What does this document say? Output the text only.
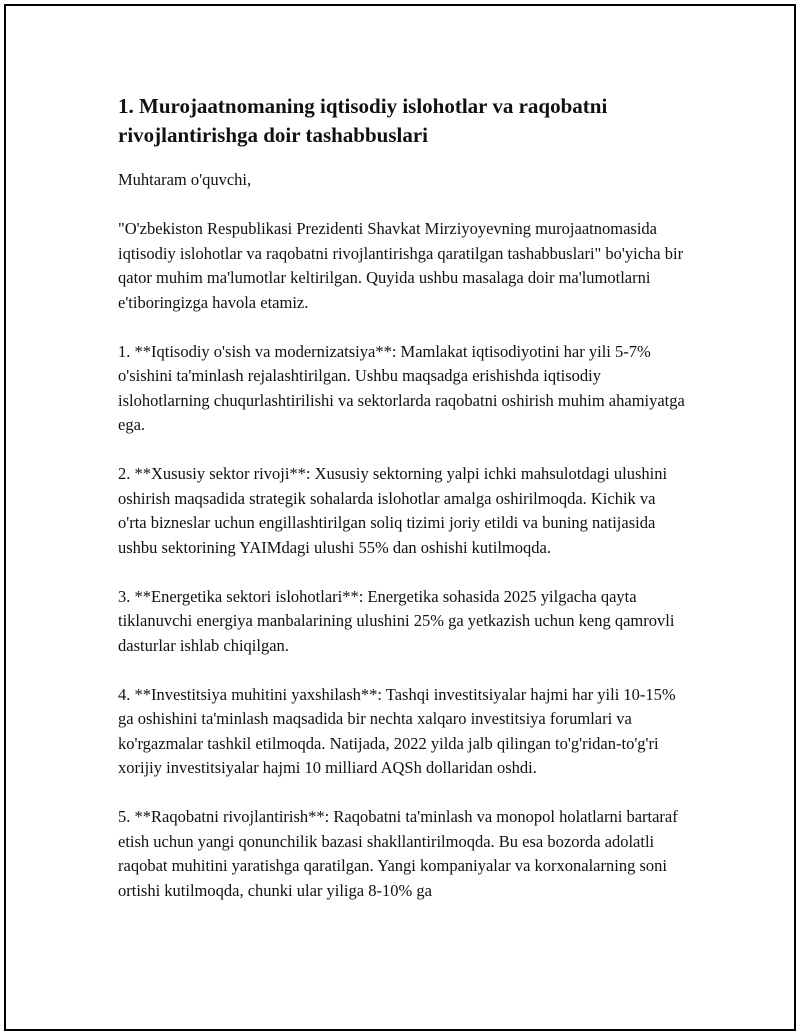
1. Murojaatnomaning iqtisodiy islohotlar va raqobatni rivojlantirishga doir tashabbuslari

Muhtaram o'quvchi,

"O'zbekiston Respublikasi Prezidenti Shavkat Mirziyoyevning murojaatnomasida iqtisodiy islohotlar va raqobatni rivojlantirishga qaratilgan tashabbuslari" bo'yicha bir qator muhim ma'lumotlar keltirilgan. Quyida ushbu masalaga doir ma'lumotlarni e'tiboringizga havola etamiz.

1. **Iqtisodiy o'sish va modernizatsiya**: Mamlakat iqtisodiyotini har yili 5-7% o'sishini ta'minlash rejalashtirilgan. Ushbu maqsadga erishishda iqtisodiy islohotlarning chuqurlashtirilishi va sektorlarda raqobatni oshirish muhim ahamiyatga ega.

2. **Xususiy sektor rivoji**: Xususiy sektorning yalpi ichki mahsulotdagi ulushini oshirish maqsadida strategik sohalarda islohotlar amalga oshirilmoqda. Kichik va o'rta bizneslar uchun engillashtirilgan soliq tizimi joriy etildi va buning natijasida ushbu sektorining YAIMdagi ulushi 55% dan oshishi kutilmoqda.

3. **Energetika sektori islohotlari**: Energetika sohasida 2025 yilgacha qayta tiklanuvchi energiya manbalarining ulushini 25% ga yetkazish uchun keng qamrovli dasturlar ishlab chiqilgan.

4. **Investitsiya muhitini yaxshilash**: Tashqi investitsiyalar hajmi har yili 10-15% ga oshishini ta'minlash maqsadida bir nechta xalqaro investitsiya forumlari va ko'rgazmalar tashkil etilmoqda. Natijada, 2022 yilda jalb qilingan to'g'ridan-to'g'ri xorijiy investitsiyalar hajmi 10 milliard AQSh dollaridan oshdi.

5. **Raqobatni rivojlantirish**: Raqobatni ta'minlash va monopol holatlarni bartaraf etish uchun yangi qonunchilik bazasi shakllantirilmoqda. Bu esa bozorda adolatli raqobat muhitini yaratishga qaratilgan. Yangi kompaniyalar va korxonalarning soni ortishi kutilmoqda, chunki ular yiliga 8-10% ga
